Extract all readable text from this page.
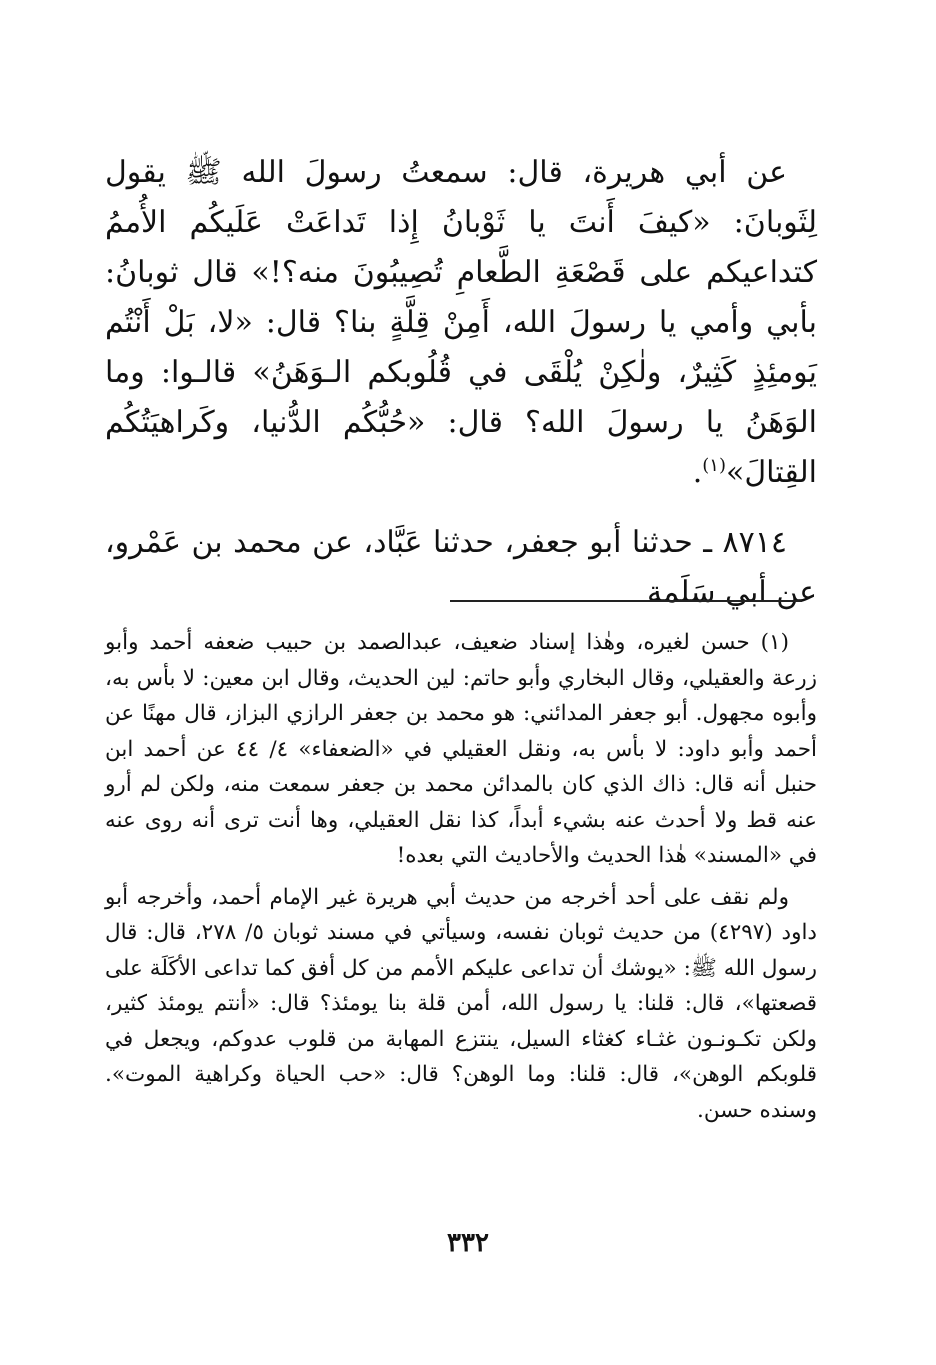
عن أبي هريرة، قال: سمعتُ رسولَ الله ﷺ يقول لِثَوبانَ: «كيفَ أَنتَ يا ثَوْبانُ إِذا تَداعَتْ عَلَيكُم الأُممُ كتداعيكم على قَصْعَةِ الطَّعامِ تُصِيبُونَ منه؟!» قال ثوبانُ: بأبي وأمي يا رسولَ الله، أَمِنْ قِلَّةٍ بنا؟ قال: «لا، بَلْ أَنْتُم يَومئِذٍ كَثِيرٌ، ولٰكِنْ يُلْقَى في قُلُوبكم الـوَهَنُ» قالـوا: وما الوَهَنُ يا رسولَ الله؟ قال: «حُبُّكُم الدُّنيا، وكَراهيَتُكُم القِتالَ»$^{(١)}$.

٨٧١٤ ـ حدثنا أبو جعفر، حدثنا عَبَّاد، عن محمد بن عَمْرو، عن أبي سَلَمة

(١) حسن لغيره، وهٰذا إسناد ضعيف، عبدالصمد بن حبيب ضعفه أحمد وأبو زرعة والعقيلي، وقال البخاري وأبو حاتم: لين الحديث، وقال ابن معين: لا بأس به، وأبوه مجهول. أبو جعفر المدائني: هو محمد بن جعفر الرازي البزاز، قال مهنًا عن أحمد وأبو داود: لا بأس به، ونقل العقيلي في «الضعفاء» ٤/ ٤٤ عن أحمد ابن حنبل أنه قال: ذاك الذي كان بالمدائن محمد بن جعفر سمعت منه، ولكن لم أرو عنه قط ولا أحدث عنه بشيء أبداً، كذا نقل العقيلي، وها أنت ترى أنه روى عنه في «المسند» هٰذا الحديث والأحاديث التي بعده!

ولم نقف على أحد أخرجه من حديث أبي هريرة غير الإمام أحمد، وأخرجه أبو داود (٤٢٩٧) من حديث ثوبان نفسه، وسيأتي في مسند ثوبان ٥/ ٢٧٨، قال: قال رسول الله ﷺ: «يوشك أن تداعى عليكم الأمم من كل أفق كما تداعى الأكَلَة على قصعتها»، قال: قلنا: يا رسول الله، أمن قلة بنا يومئذ؟ قال: «أنتم يومئذ كثير، ولكن تكـونـون غثـاء كغثاء السيل، ينتزع المهابة من قلوب عدوكم، ويجعل في قلوبكم الوهن»، قال: قلنا: وما الوهن؟ قال: «حب الحياة وكراهية الموت». وسنده حسن.

٣٣٢
